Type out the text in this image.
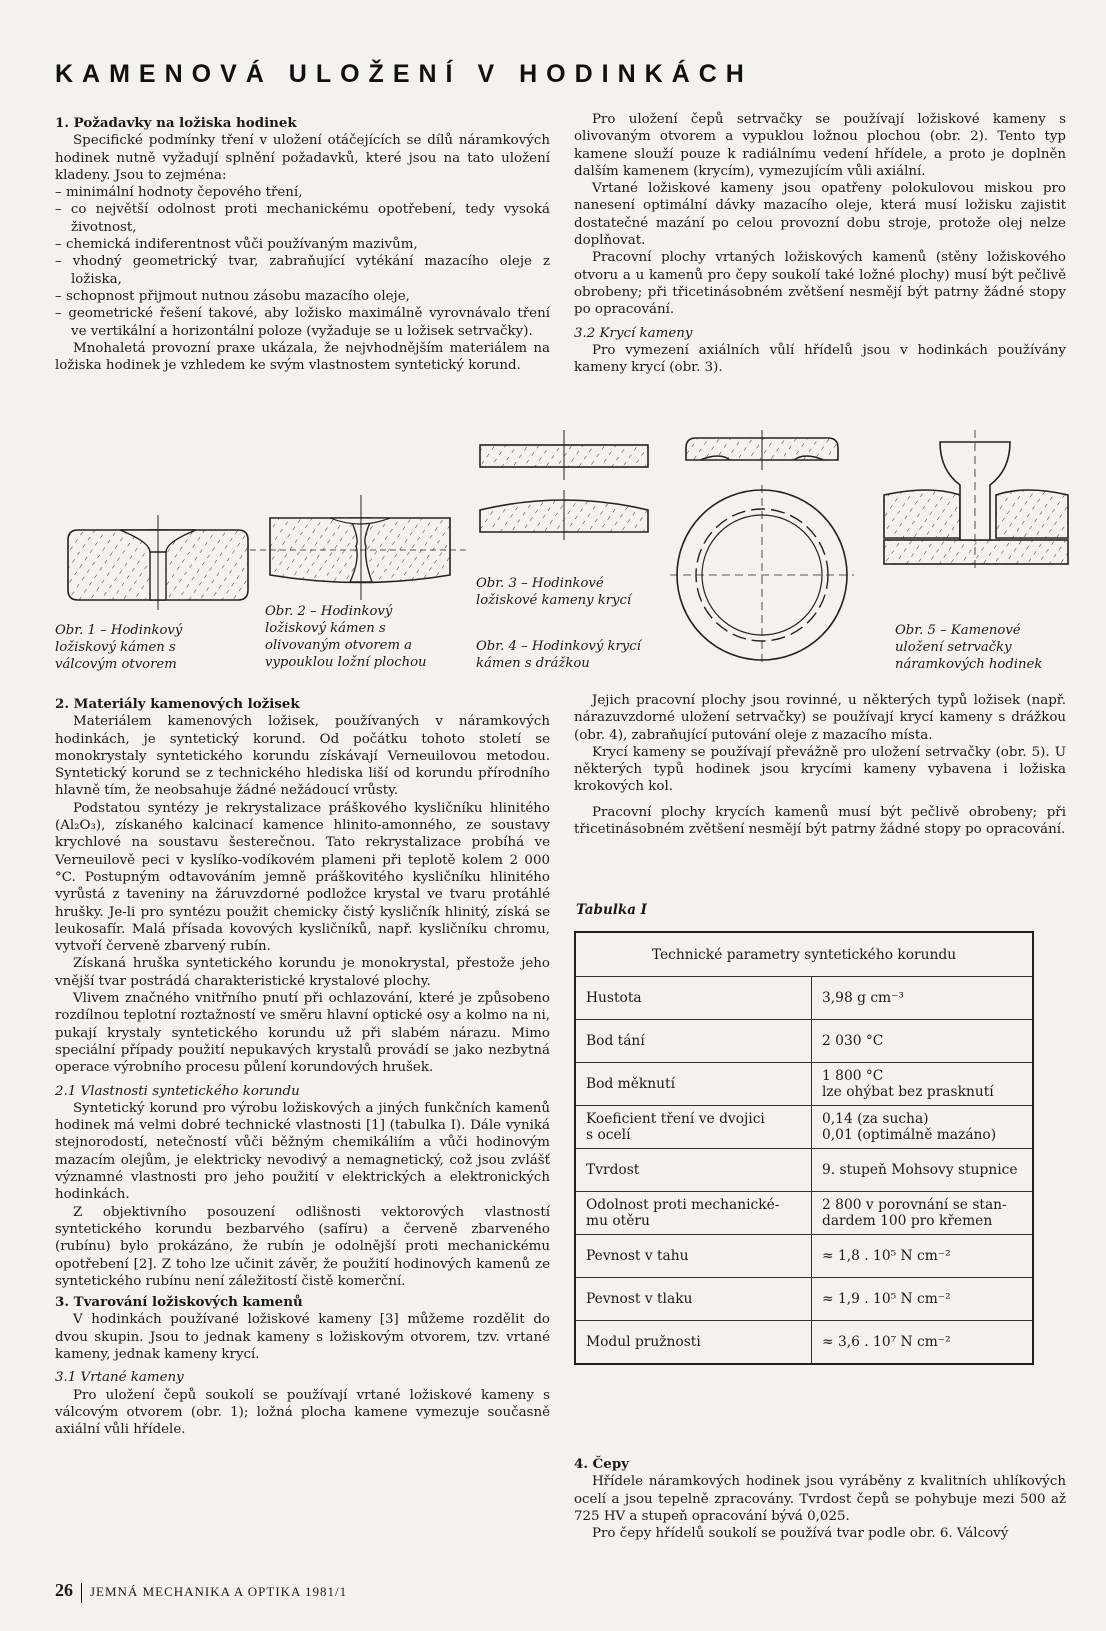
KAMENOVÁ ULOŽENÍ V HODINKÁCH

1. Požadavky na ložiska hodinek

Specifické podmínky tření v uložení otáčejících se dílů náramkových hodinek nutně vyžadují splnění požadavků, které jsou na tato uložení kladeny. Jsou to zejména:

– minimální hodnoty čepového tření,
– co největší odolnost proti mechanickému opotřebení, tedy vysoká životnost,
– chemická indiferentnost vůči používaným mazivům,
– vhodný geometrický tvar, zabraňující vytékání mazacího oleje z ložiska,
– schopnost přijmout nutnou zásobu mazacího oleje,
– geometrické řešení takové, aby ložisko maximálně vyrovnávalo tření ve vertikální a horizontální poloze (vyžaduje se u ložisek setrvačky).

Mnohaletá provozní praxe ukázala, že nejvhodnějším materiálem na ložiska hodinek je vzhledem ke svým vlastnostem syntetický korund.

Pro uložení čepů setrvačky se používají ložiskové kameny s olivovaným otvorem a vypuklou ložnou plochou (obr. 2). Tento typ kamene slouží pouze k radiálnímu vedení hřídele, a proto je doplněn dalším kamenem (krycím), vymezujícím vůli axiální.

Vrtané ložiskové kameny jsou opatřeny polokulovou miskou pro nanesení optimální dávky mazacího oleje, která musí ložisku zajistit dostatečné mazání po celou provozní dobu stroje, protože olej nelze doplňovat.

Pracovní plochy vrtaných ložiskových kamenů (stěny ložiskového otvoru a u kamenů pro čepy soukolí také ložné plochy) musí být pečlivě obrobeny; při třicetinásobném zvětšení nesmějí být patrny žádné stopy po opracování.

3.2 Krycí kameny

Pro vymezení axiálních vůlí hřídelů jsou v hodinkách používány kameny krycí (obr. 3).

Obr. 1 – Hodinkový ložiskový kámen s válcovým otvorem
Obr. 2 – Hodinkový ložiskový kámen s olivovaným otvorem a vypouklou ložní plochou
Obr. 3 – Hodinkové ložiskové kameny krycí
Obr. 4 – Hodinkový krycí kámen s drážkou
Obr. 5 – Kamenové uložení setrvačky náramkových hodinek

2. Materiály kamenových ložisek

Materiálem kamenových ložisek, používaných v náramkových hodinkách, je syntetický korund. Od počátku tohoto století se monokrystaly syntetického korundu získávají Verneuilovou metodou. Syntetický korund se z technického hlediska liší od korundu přírodního hlavně tím, že neobsahuje žádné nežádoucí vrůsty.

Podstatou syntézy je rekrystalizace práškového kysličníku hlinitého (Al₂O₃), získaného kalcinací kamence hlinito-amonného, ze soustavy krychlové na soustavu šesterečnou. Tato rekrystalizace probíhá ve Verneuilově peci v kyslíko-vodíkovém plameni při teplotě kolem 2 000 °C. Postupným odtavováním jemně práškovitého kysličníku hlinitého vyrůstá z taveniny na žáruvzdorné podložce krystal ve tvaru protáhlé hrušky. Je-li pro syntézu použit chemicky čistý kysličník hlinitý, získá se leukosafír. Malá přísada kovových kysličníků, např. kysličníku chromu, vytvoří červeně zbarvený rubín.

Získaná hruška syntetického korundu je monokrystal, přestože jeho vnější tvar postrádá charakteristické krystalové plochy.

Vlivem značného vnitřního pnutí při ochlazování, které je způsobeno rozdílnou teplotní roztažností ve směru hlavní optické osy a kolmo na ni, pukají krystaly syntetického korundu už při slabém nárazu. Mimo speciální případy použití nepukavých krystalů provádí se jako nezbytná operace výrobního procesu půlení korundových hrušek.

2.1 Vlastnosti syntetického korundu

Syntetický korund pro výrobu ložiskových a jiných funkčních kamenů hodinek má velmi dobré technické vlastnosti [1] (tabulka I). Dále vyniká stejnorodostí, netečností vůči běžným chemikáliím a vůči hodinovým mazacím olejům, je elektricky nevodivý a nemagnetický, což jsou zvlášť významné vlastnosti pro jeho použití v elektrických a elektronických hodinkách.

Z objektivního posouzení odlišnosti vektorových vlastností syntetického korundu bezbarvého (safíru) a červeně zbarveného (rubínu) bylo prokázáno, že rubín je odolnější proti mechanickému opotřebení [2]. Z toho lze učinit závěr, že použití hodinových kamenů ze syntetického rubínu není záležitostí čistě komerční.

3. Tvarování ložiskových kamenů

V hodinkách používané ložiskové kameny [3] můžeme rozdělit do dvou skupin. Jsou to jednak kameny s ložiskovým otvorem, tzv. vrtané kameny, jednak kameny krycí.

3.1 Vrtané kameny

Pro uložení čepů soukolí se používají vrtané ložiskové kameny s válcovým otvorem (obr. 1); ložná plocha kamene vymezuje současně axiální vůli hřídele.

Jejich pracovní plochy jsou rovinné, u některých typů ložisek (např. nárazuvzdorné uložení setrvačky) se používají krycí kameny s drážkou (obr. 4), zabraňující putování oleje z mazacího místa.

Krycí kameny se používají převážně pro uložení setrvačky (obr. 5). U některých typů hodinek jsou krycími kameny vybavena i ložiska krokových kol.

Pracovní plochy krycích kamenů musí být pečlivě obrobeny; při třicetinásobném zvětšení nesmějí být patrny žádné stopy po opracování.

Tabulka I
Technické parametry syntetického korundu	
Hustota	3,98 g cm⁻³
Bod tání	2 030 °C
Bod měknutí	1 800 °C
lze ohýbat bez prasknutí
Koeficient tření ve dvojici
s ocelí	0,14 (za sucha)
0,01 (optimálně mazáno)
Tvrdost	9. stupeň Mohsovy stupnice
Odolnost proti mechanické-
mu otěru	2 800 v porovnání se stan-
dardem 100 pro křemen
Pevnost v tahu	≈ 1,8 . 10⁵ N cm⁻²
Pevnost v tlaku	≈ 1,9 . 10⁵ N cm⁻²
Modul pružnosti	≈ 3,6 . 10⁷ N cm⁻²

4. Čepy

Hřídele náramkových hodinek jsou vyráběny z kvalitních uhlíkových ocelí a jsou tepelně zpracovány. Tvrdost čepů se pohybuje mezi 500 až 725 HV a stupeň opracování bývá 0,025.

Pro čepy hřídelů soukolí se používá tvar podle obr. 6. Válcový

26 JEMNÁ MECHANIKA A OPTIKA 1981/1
